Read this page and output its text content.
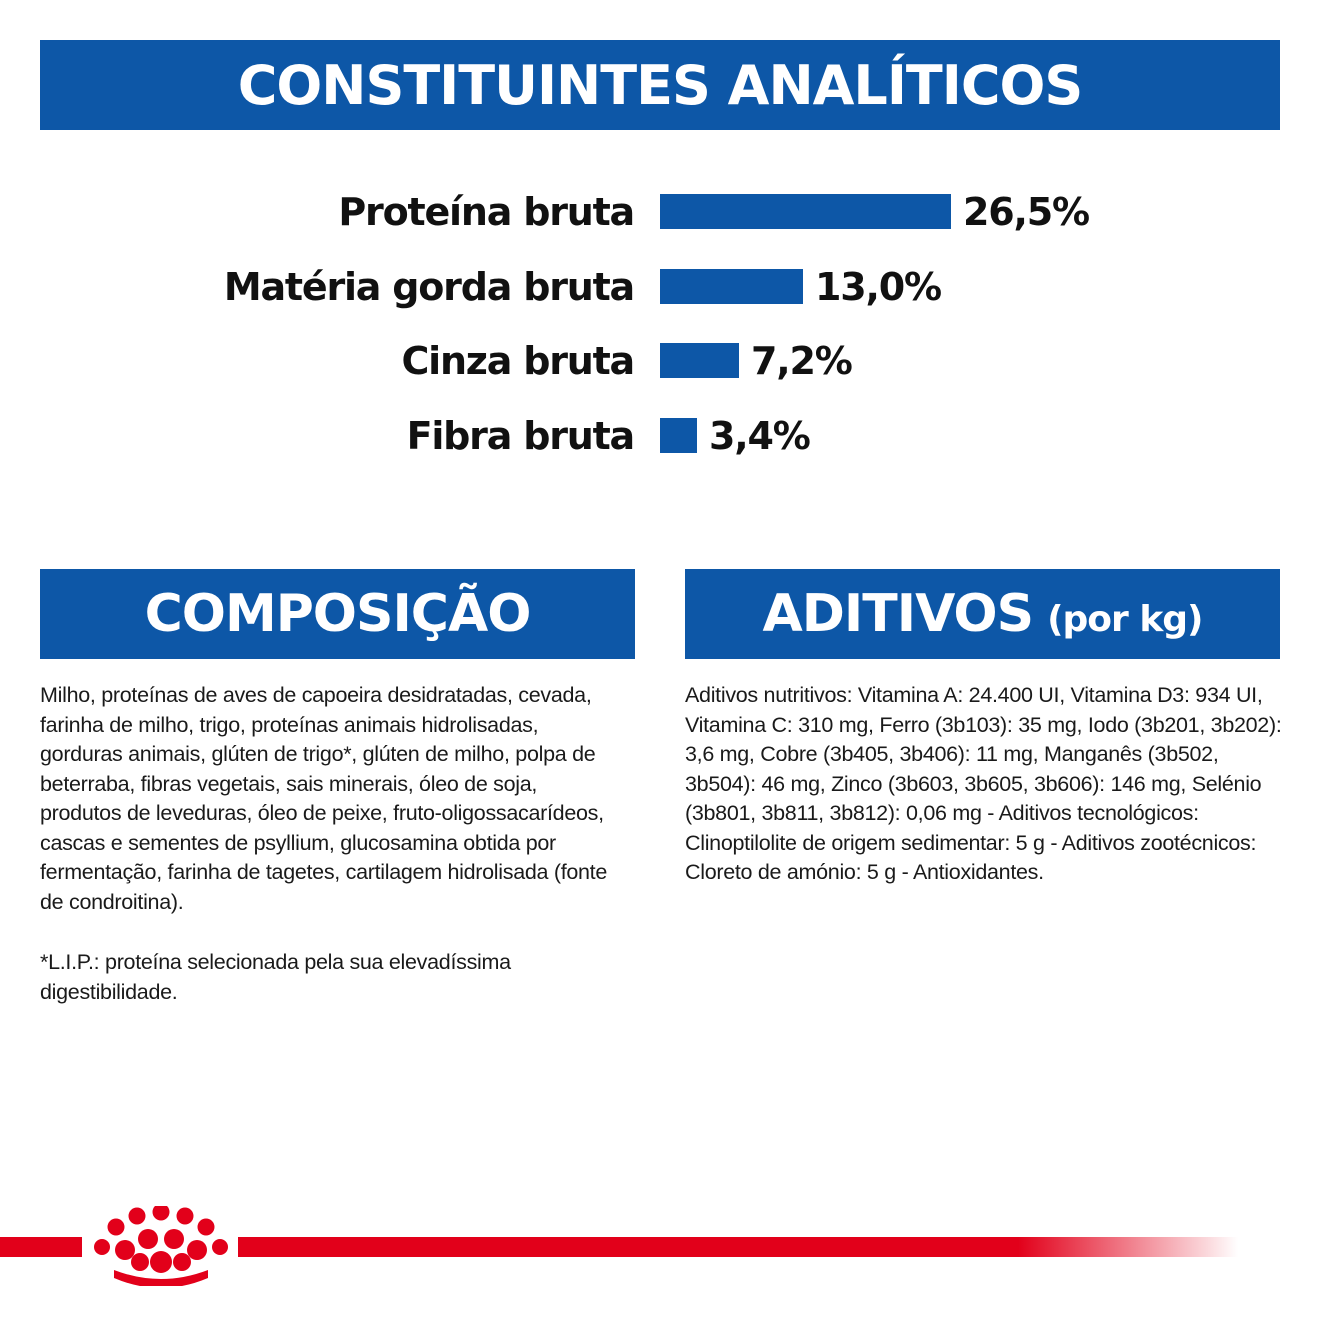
CONSTITUINTES ANALÍTICOS
Proteína bruta	26,5%
Matéria gorda bruta	13,0%
Cinza bruta	7,2%
Fibra bruta 3,4%
COMPOSIÇÃO	ADITIVOS (por kg)
Milho, proteínas de aves de capoeira desidratadas, cevada, farinha de milho, trigo, proteínas animais hidrolisadas, gorduras animais, glúten de trigo*, glúten de milho, polpa de beterraba, fibras vegetais, sais minerais, óleo de soja, produtos de leveduras, óleo de peixe, fruto-oligossacarídeos, cascas e sementes de psyllium, glucosamina obtida por fermentação, farinha de tagetes, cartilagem hidrolisada (fonte de condroitina).
*L.I.P.: proteína selecionada pela sua elevadíssima digestibilidade.
Aditivos nutritivos: Vitamina A: 24.400 UI, Vitamina D3: 934 UI, Vitamina C: 310 mg, Ferro (3b103): 35 mg, Iodo (3b201, 3b202): 3,6 mg, Cobre (3b405, 3b406): 11 mg, Manganês (3b502, 3b504): 46 mg, Zinco (3b603, 3b605, 3b606): 146 mg, Selénio (3b801, 3b811, 3b812): 0,06 mg - Aditivos tecnológicos: Clinoptilolite de origem sedimentar: 5 g - Aditivos zootécnicos: Cloreto de amónio: 5 g - Antioxidantes.
